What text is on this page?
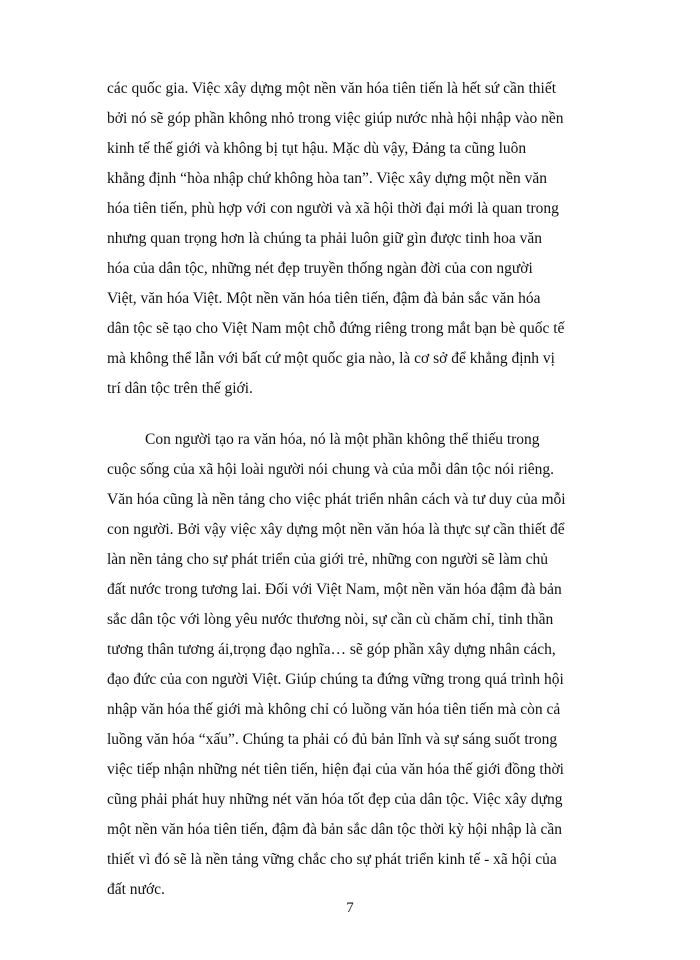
các quốc gia. Việc xây dựng một nền văn hóa tiên tiến là hết sứ cần thiết
bởi nó sẽ góp phần không nhỏ trong việc giúp nước nhà hội nhập vào nền
kinh tế thế giới và không bị tụt hậu. Mặc dù vậy, Đảng ta cũng luôn
khẳng định “hòa nhập chứ không hòa tan”. Việc xây dựng một nền văn
hóa tiên tiến, phù hợp với con người và xã hội thời đại mới là quan trong
nhưng quan trọng hơn là chúng ta phải luôn giữ gìn được tinh hoa văn
hóa của dân tộc, những nét đẹp truyền thống ngàn đời của con người
Việt, văn hóa Việt. Một nền văn hóa tiên tiến, đậm đà bản sắc văn hóa
dân tộc sẽ tạo cho Việt Nam một chỗ đứng riêng trong mắt bạn bè quốc tế
mà không thể lẫn với bất cứ một quốc gia nào, là cơ sở để khẳng định vị
trí dân tộc trên thế giới.
Con người tạo ra văn hóa, nó là một phần không thể thiếu trong
cuộc sống của xã hội loài người nói chung và của mỗi dân tộc nói riêng.
Văn hóa cũng là nền tảng cho việc phát triển nhân cách và tư duy của mỗi
con người. Bởi vậy việc xây dựng một nền văn hóa là thực sự cần thiết để
làn nền tảng cho sự phát triển của giới trẻ, những con người sẽ làm chủ
đất nước trong tương lai. Đối với Việt Nam, một nền văn hóa đậm đà bản
sắc dân tộc với lòng yêu nước thương nòi, sự cần cù chăm chỉ, tinh thần
tương thân tương ái,trọng đạo nghĩa… sẽ góp phần xây dựng nhân cách,
đạo đức của con người Việt. Giúp chúng ta đứng vững trong quá trình hội
nhập văn hóa thế giới mà không chỉ có luồng văn hóa tiên tiến mà còn cả
luồng văn hóa “xấu”. Chúng ta phải có đủ bản lĩnh và sự sáng suốt trong
việc tiếp nhận những nét tiên tiến, hiện đại của văn hóa thế giới đồng thời
cũng phải phát huy những nét văn hóa tốt đẹp của dân tộc. Việc xây dựng
một nền văn hóa tiên tiến, đậm đà bản sắc dân tộc thời kỳ hội nhập là cần
thiết vì đó sẽ là nền tảng vững chắc cho sự phát triển kinh tế - xã hội của
đất nước.
7
